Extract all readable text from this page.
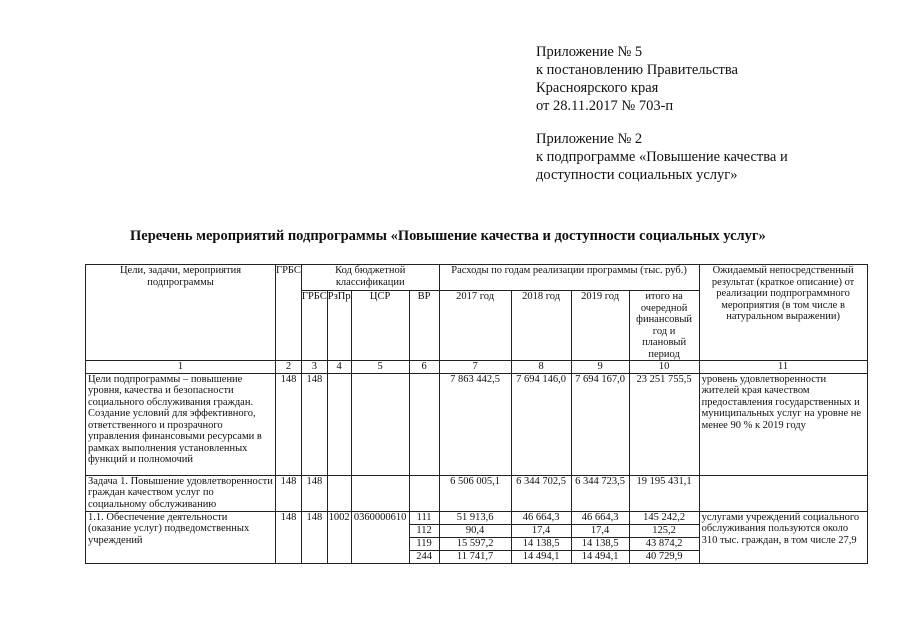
Приложение № 5
к постановлению Правительства
Красноярского края
от 28.11.2017 № 703-п
Приложение № 2
к подпрограмме «Повышение качества и
доступности социальных услуг»
Перечень мероприятий подпрограммы «Повышение качества и доступности социальных услуг»
Цели, задачи, мероприятия подпрограммы	ГРБС	Код бюджетной классификации				Расходы по годам реализации программы (тыс. руб.)				Ожидаемый непосредственный результат (краткое описание) от реализации подпрограммного мероприятия (в том числе в натуральном выражении)
		ГРБС	РзПр	ЦСР	ВР	2017 год	2018 год	2019 год	итого на очередной финансовый год и плановый период	
1	2	3	4	5	6	7	8	9	10	11
Цели подпрограммы – повышение уровня, качества и безопасности социального обслуживания граждан. Создание условий для эффективного, ответственного и прозрачного управления финансовыми ресурсами в рамках выполнения установленных функций и полномочий	148	148				7 863 442,5	7 694 146,0	7 694 167,0	23 251 755,5	уровень удовлетворенности жителей края качеством предоставления государственных и муниципальных услуг на уровне не менее 90 % к 2019 году
Задача 1. Повышение удовлетворенности граждан качеством услуг по социальному обслуживанию	148	148				6 506 005,1	6 344 702,5	6 344 723,5	19 195 431,1	
1.1. Обеспечение деятельности (оказание услуг) подведомственных учреждений	148	148	1002	0360000610	111	51 913,6	46 664,3	46 664,3	145 242,2	услугами учреждений социального обслуживания пользуются около 310 тыс. граждан, в том числе 27,9
					112	90,4	17,4	17,4	125,2	
					119	15 597,2	14 138,5	14 138,5	43 874,2	
					244	11 741,7	14 494,1	14 494,1	40 729,9	
